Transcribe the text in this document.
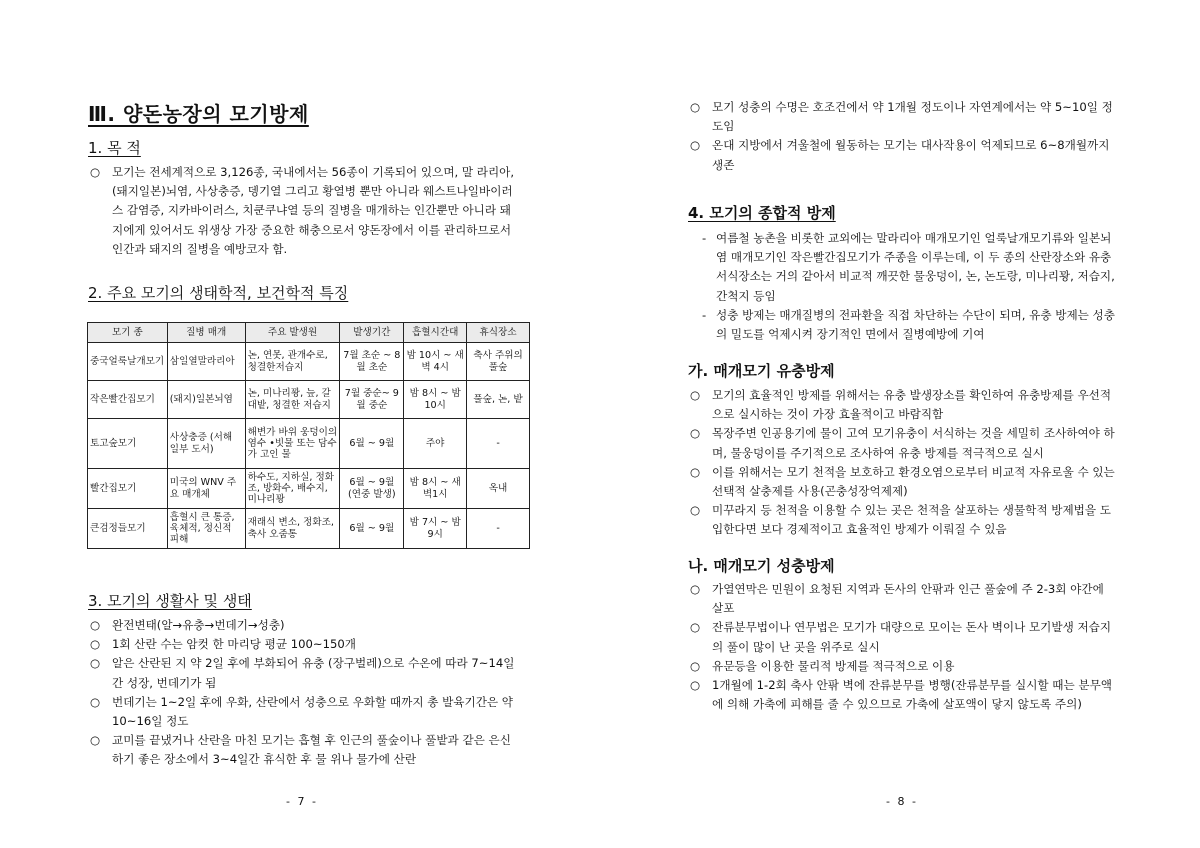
Ⅲ. 양돈농장의 모기방제
1. 목 적
○ 모기는 전세계적으로 3,126종, 국내에서는 56종이 기록되어 있으며, 말 라리아, (돼지일본)뇌염, 사상충증, 뎅기열 그리고 황열병 뿐만 아니라 웨스트나일바이러스 감염증, 지카바이러스, 치쿤쿠냐열 등의 질병을 매개하는 인간뿐만 아니라 돼지에게 있어서도 위생상 가장 중요한 해충으로서 양돈장에서 이를 관리하므로서 인간과 돼지의 질병을 예방코자 함.
2. 주요 모기의 생태학적, 보건학적 특징
모기 종	질병 매개	주요 발생원	발생기간	흡혈시간대	휴식장소
중국얼룩날개모기	삼일열말라리아	논, 연못, 관개수로, 청결한저습지	7월 초순 ~ 8월 초순	밤 10시 ~ 새벽 4시	축사 주위의 풀숲
작은빨간집모기	(돼지)일본뇌염	논, 미나리꽝, 늪, 갈대밭, 청결한 저습지	7월 중순~ 9월 중순	밤 8시 ~ 밤10시	풀숲, 논, 밭
토고숲모기	사상충증 (서해 일부 도서)	해변가 바위 웅덩이의 염수 •빗물 또는 담수가 고인 물	6월 ~ 9월	주야	-
빨간집모기	미국의 WNV 주요 매개체	하수도, 지하실, 정화조, 방화수, 배수지, 미나리꽝	6월 ~ 9월 (연중 발생)	밤 8시 ~ 새벽1시	옥내
큰검정들모기	흡혈시 큰 통증, 육체적, 정신적 피해	재래식 변소, 정화조, 축사 오줌통	6월 ~ 9월	밤 7시 ~ 밤 9시	-
3. 모기의 생활사 및 생태
○ 완전변태(알→유충→번데기→성충)
○ 1회 산란 수는 암컷 한 마리당 평균 100~150개
○ 알은 산란된 지 약 2일 후에 부화되어 유충 (장구벌레)으로 수온에 따라 7~14일간 성장, 번데기가 됨
○ 번데기는 1~2일 후에 우화, 산란에서 성충으로 우화할 때까지 총 발육기간은 약 10~16일 정도
○ 교미를 끝냈거나 산란을 마친 모기는 흡혈 후 인근의 풀숲이나 풀밭과 같은 은신하기 좋은 장소에서 3~4일간 휴식한 후 물 위나 물가에 산란
- 7 -
○ 모기 성충의 수명은 호조건에서 약 1개월 정도이나 자연계에서는 약 5~10일 정도임
○ 온대 지방에서 겨울철에 월동하는 모기는 대사작용이 억제되므로 6~8개월까지 생존
4. 모기의 종합적 방제
- 여름철 농촌을 비롯한 교외에는 말라리아 매개모기인 얼룩날개모기류와 일본뇌염 매개모기인 작은빨간집모기가 주종을 이루는데, 이 두 종의 산란장소와 유충 서식장소는 거의 같아서 비교적 깨끗한 물웅덩이, 논, 논도랑, 미나리꽝, 저습지, 간척지 등임
- 성충 방제는 매개질병의 전파환을 직접 차단하는 수단이 되며, 유충 방제는 성충의 밀도를 억제시켜 장기적인 면에서 질병예방에 기여
가. 매개모기 유충방제
○ 모기의 효율적인 방제를 위해서는 유충 발생장소를 확인하여 유충방제를 우선적으로 실시하는 것이 가장 효율적이고 바람직함
○ 목장주변 인공용기에 물이 고여 모기유충이 서식하는 것을 세밀히 조사하여야 하며, 물웅덩이를 주기적으로 조사하여 유충 방제를 적극적으로 실시
○ 이를 위해서는 모기 천적을 보호하고 환경오염으로부터 비교적 자유로울 수 있는 선택적 살충제를 사용(곤충성장억제제)
○ 미꾸라지 등 천적을 이용할 수 있는 곳은 천적을 살포하는 생물학적 방제법을 도입한다면 보다 경제적이고 효율적인 방제가 이뤄질 수 있음
나. 매개모기 성충방제
○ 가열연막은 민원이 요청된 지역과 돈사의 안팎과 인근 풀숲에 주 2-3회 야간에 살포
○ 잔류분무법이나 연무법은 모기가 대량으로 모이는 돈사 벽이나 모기발생 저습지의 풀이 많이 난 곳을 위주로 실시
○ 유문등을 이용한 물리적 방제를 적극적으로 이용
○ 1개월에 1-2회 축사 안팎 벽에 잔류분무를 병행(잔류분무를 실시할 때는 분무액에 의해 가축에 피해를 줄 수 있으므로 가축에 살포액이 닿지 않도록 주의)
- 8 -
